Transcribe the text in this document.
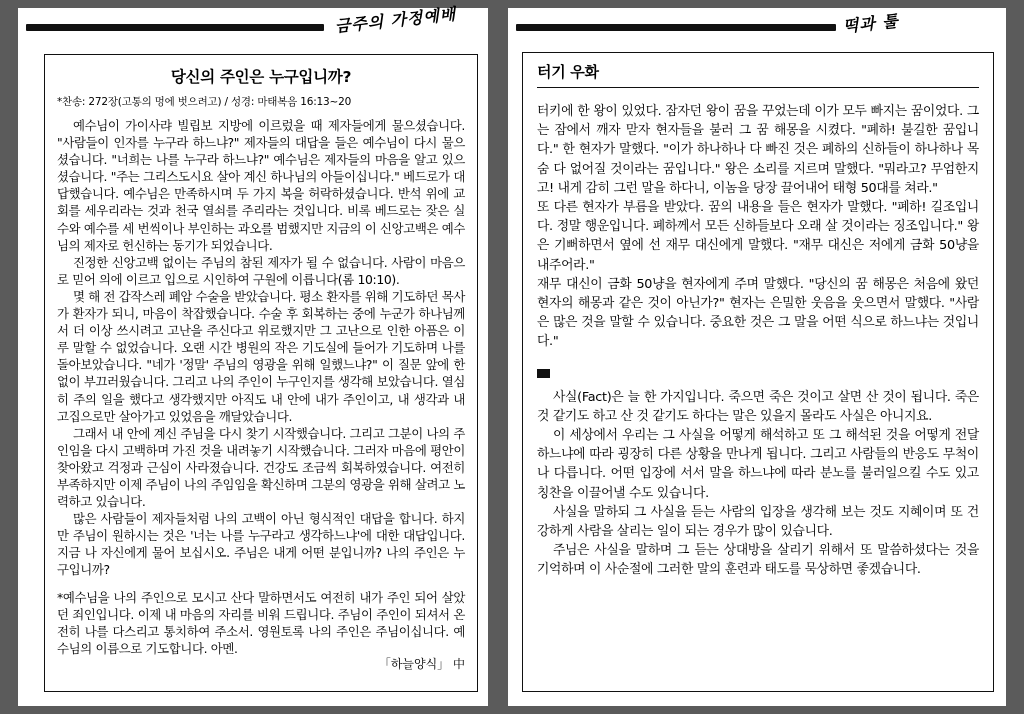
금주의 가정예배
당신의 주인은 누구입니까?
*찬송: 272장(고통의 멍에 벗으려고) / 성경: 마태복음 16:13~20

예수님이 가이사랴 빌립보 지방에 이르렀을 때 제자들에게 물으셨습니다. "사람들이 인자를 누구라 하느냐?" 제자들의 대답을 들은 예수님이 다시 물으셨습니다. "너희는 나를 누구라 하느냐?" 예수님은 제자들의 마음을 알고 있으셨습니다. "주는 그리스도시요 살아 계신 하나님의 아들이십니다." 베드로가 대답했습니다. 예수님은 만족하시며 두 가지 복을 허락하셨습니다. 반석 위에 교회를 세우리라는 것과 천국 열쇠를 주리라는 것입니다. 비록 베드로는 잦은 실수와 예수를 세 번씩이나 부인하는 과오를 범했지만 지금의 이 신앙고백은 예수님의 제자로 헌신하는 동기가 되었습니다.

진정한 신앙고백 없이는 주님의 참된 제자가 될 수 없습니다. 사람이 마음으로 믿어 의에 이르고 입으로 시인하여 구원에 이릅니다(롬 10:10).

몇 해 전 갑작스레 폐암 수술을 받았습니다. 평소 환자를 위해 기도하던 목사가 환자가 되니, 마음이 착잡했습니다. 수술 후 회복하는 중에 누군가 하나님께서 더 이상 쓰시려고 고난을 주신다고 위로했지만 그 고난으로 인한 아픔은 이루 말할 수 없었습니다. 오랜 시간 병원의 작은 기도실에 들어가 기도하며 나를 돌아보았습니다. "네가 '정말' 주님의 영광을 위해 일했느냐?" 이 질문 앞에 한없이 부끄러웠습니다. 그리고 나의 주인이 누구인지를 생각해 보았습니다. 열심히 주의 일을 했다고 생각했지만 아직도 내 안에 내가 주인이고, 내 생각과 내 고집으로만 살아가고 있었음을 깨달았습니다.

그래서 내 안에 계신 주님을 다시 찾기 시작했습니다. 그리고 그분이 나의 주인임을 다시 고백하며 가진 것을 내려놓기 시작했습니다. 그러자 마음에 평안이 찾아왔고 걱정과 근심이 사라졌습니다. 건강도 조금씩 회복하였습니다. 여전히 부족하지만 이제 주님이 나의 주임임을 확신하며 그분의 영광을 위해 살려고 노력하고 있습니다.

많은 사람들이 제자들처럼 나의 고백이 아닌 형식적인 대답을 합니다. 하지만 주님이 원하시는 것은 '너는 나를 누구라고 생각하느냐'에 대한 대답입니다. 지금 나 자신에게 물어 보십시오. 주님은 내게 어떤 분입니까? 나의 주인은 누구입니까?

*예수님을 나의 주인으로 모시고 산다 말하면서도 여전히 내가 주인 되어 살았던 죄인입니다. 이제 내 마음의 자리를 비워 드립니다. 주님이 주인이 되셔서 온전히 나를 다스리고 통치하여 주소서. 영원토록 나의 주인은 주님이십니다. 예수님의 이름으로 기도합니다. 아멘.
「하늘양식」 中
떡과 툴
터기 우화

터키에 한 왕이 있었다. 잠자던 왕이 꿈을 꾸었는데 이가 모두 빠지는 꿈이었다. 그는 잠에서 깨자 맏자 현자들을 불러 그 꿈 해몽을 시켰다. "폐하! 불길한 꿈입니다." 한 현자가 말했다. "이가 하나하나 다 빠진 것은 폐하의 신하들이 하나하나 목숨 다 없어질 것이라는 꿈입니다." 왕은 소리를 지르며 말했다. "뭐라고? 무엄한지고! 내게 감히 그런 말을 하다니, 이놈을 당장 끌어내어 태형 50대를 쳐라."

또 다른 현자가 부름을 받았다. 꿈의 내용을 들은 현자가 말했다. "폐하! 길조입니다. 정말 행운입니다. 폐하께서 모든 신하들보다 오래 살 것이라는 징조입니다." 왕은 기뻐하면서 옆에 선 재무 대신에게 말했다. "재무 대신은 저에게 금화 50냥을 내주어라."

재무 대신이 금화 50냥을 현자에게 주며 말했다. "당신의 꿈 해몽은 처음에 왔던 현자의 해몽과 같은 것이 아닌가?" 현자는 은밀한 웃음을 웃으면서 말했다. "사람은 많은 것을 말할 수 있습니다. 중요한 것은 그 말을 어떤 식으로 하느냐는 것입니다."

사실(Fact)은 늘 한 가지입니다. 죽으면 죽은 것이고 살면 산 것이 됩니다. 죽은 것 같기도 하고 산 것 같기도 하다는 말은 있을지 몰라도 사실은 아니지요.

이 세상에서 우리는 그 사실을 어떻게 해석하고 또 그 해석된 것을 어떻게 전달하느냐에 따라 굉장히 다른 상황을 만나게 됩니다. 그리고 사람들의 반응도 무척이나 다릅니다. 어떤 입장에 서서 말을 하느냐에 따라 분노를 불러일으킬 수도 있고 칭찬을 이끌어낼 수도 있습니다.

사실을 말하되 그 사실을 듣는 사람의 입장을 생각해 보는 것도 지혜이며 또 건강하게 사람을 살리는 일이 되는 경우가 많이 있습니다.

주님은 사실을 말하며 그 듣는 상대방을 살리기 위해서 또 말씀하셨다는 것을 기억하며 이 사순절에 그러한 말의 훈련과 태도를 묵상하면 좋겠습니다.
